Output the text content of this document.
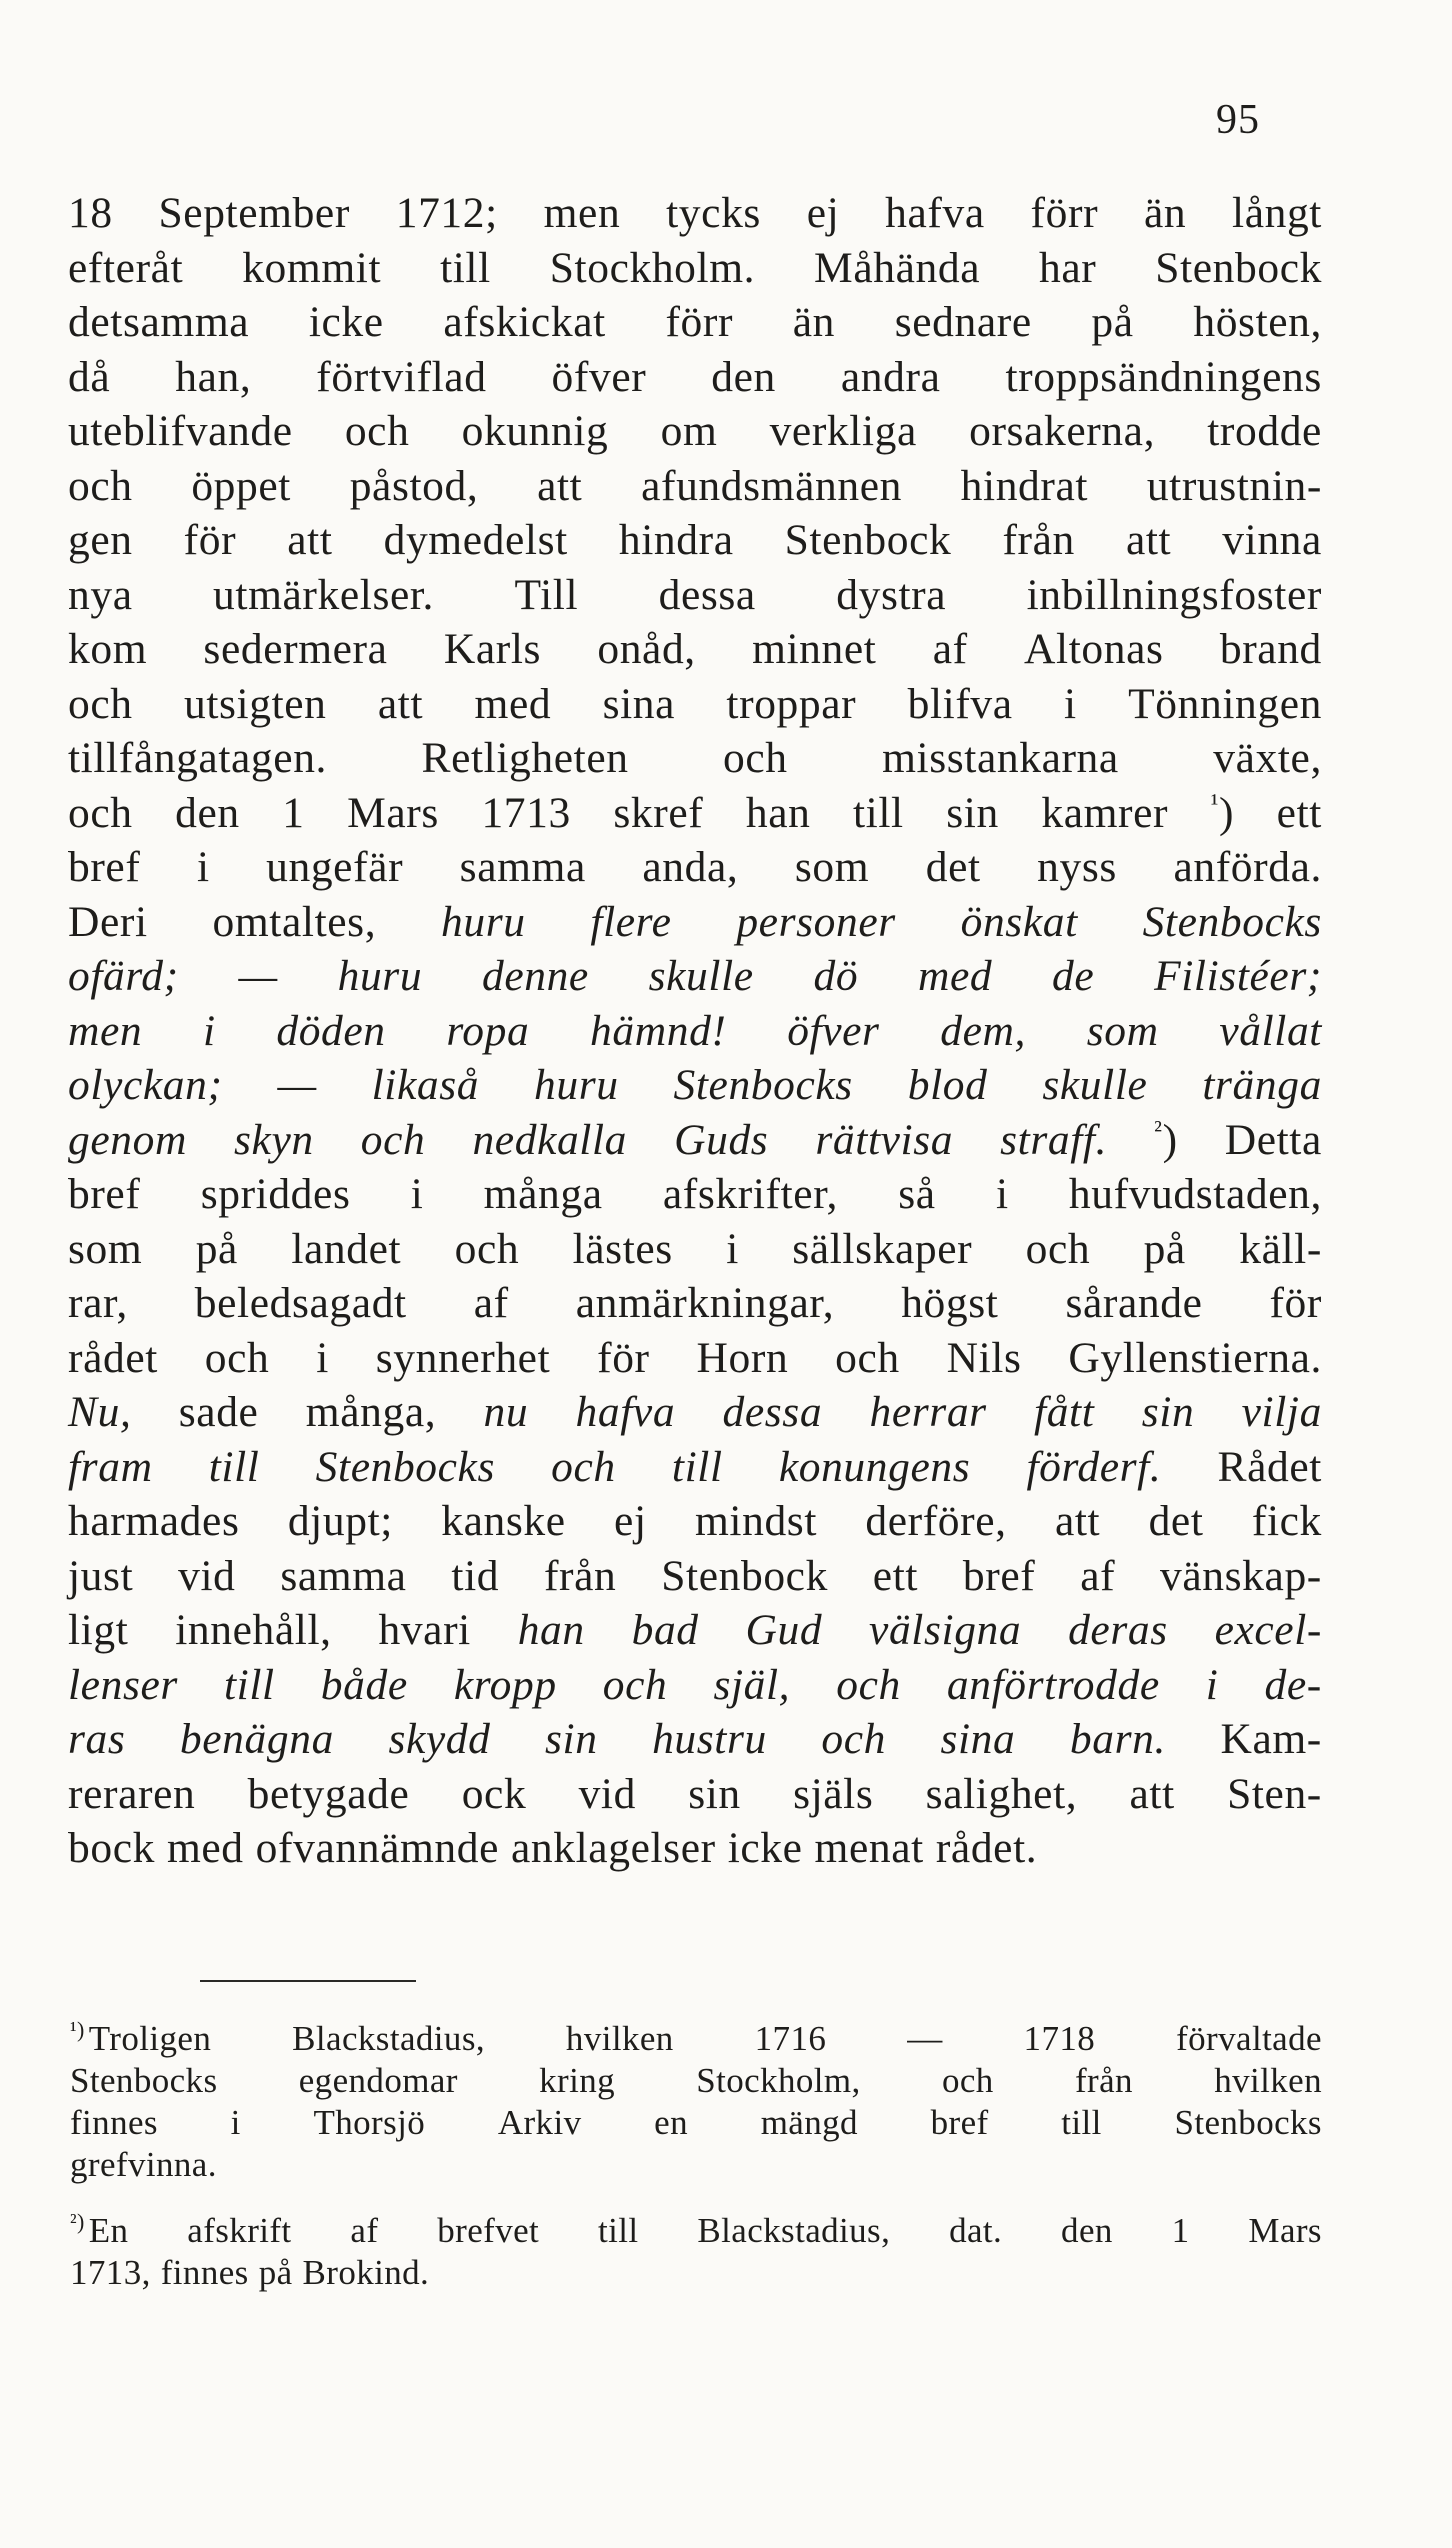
95
18 September 1712; men tycks ej hafva förr än långt
efteråt kommit till Stockholm. Måhända har Stenbock
detsamma icke afskickat förr än sednare på hösten,
då han, förtviflad öfver den andra troppsändningens
uteblifvande och okunnig om verkliga orsakerna, trodde
och öppet påstod, att afundsmännen hindrat utrustnin-
gen för att dymedelst hindra Stenbock från att vinna
nya utmärkelser. Till dessa dystra inbillningsfoster
kom sedermera Karls onåd, minnet af Altonas brand
och utsigten att med sina troppar blifva i Tönningen
tillfångatagen. Retligheten och misstankarna växte,
och den 1 Mars 1713 skref han till sin kamrer $^{^1}$) ett
bref i ungefär samma anda, som det nyss anförda.
Deri omtaltes, huru flere personer önskat Stenbocks
ofärd; — huru denne skulle dö med de Filistéer;
men i döden ropa hämnd! öfver dem, som vållat
olyckan; — likaså huru Stenbocks blod skulle tränga
genom skyn och nedkalla Guds rättvisa straff. $^{^2}$) Detta
bref spriddes i många afskrifter, så i hufvudstaden,
som på landet och lästes i sällskaper och på käll-
rar, beledsagadt af anmärkningar, högst sårande för
rådet och i synnerhet för Horn och Nils Gyllenstierna.
Nu, sade många, nu hafva dessa herrar fått sin vilja
fram till Stenbocks och till konungens förderf. Rådet
harmades djupt; kanske ej mindst derföre, att det fick
just vid samma tid från Stenbock ett bref af vänskap-
ligt innehåll, hvari han bad Gud välsigna deras excel-
lenser till både kropp och själ, och anförtrodde i de-
ras benägna skydd sin hustru och sina barn. Kam-
reraren betygade ock vid sin själs salighet, att Sten-
bock med ofvannämnde anklagelser icke menat rådet.
$^{^1)}$ Troligen Blackstadius, hvilken 1716 — 1718 förvaltade
Stenbocks egendomar kring Stockholm, och från hvilken
finnes i Thorsjö Arkiv en mängd bref till Stenbocks
grefvinna.
$^{^2)}$ En afskrift af brefvet till Blackstadius, dat. den 1 Mars
1713, finnes på Brokind.
